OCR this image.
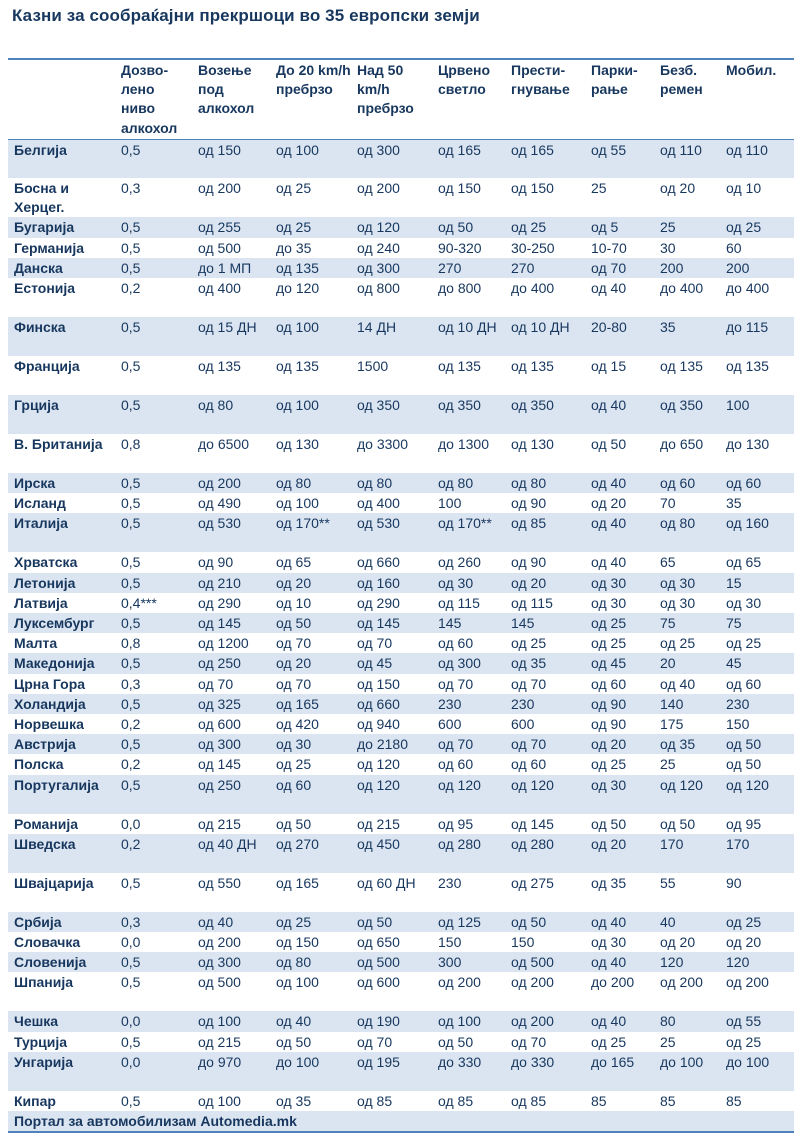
Казни за сообраќајни прекршоци во 35 европски земји
	Дозво-лено ниво алкохол	Возење под алкохол	До 20 km/h пребрзо	Над 50 km/h пребрзо	Црвено светло	Прести-гнување	Парки-рање	Безб. ремен	Мобил.
Белгија	0,5	од 150	од 100	од 300	од 165	од 165	од 55	од 110	од 110
Босна и Херцег.	0,3	од 200	од 25	од 200	од 150	од 150	25	од 20	од 10
Бугарија	0,5	од 255	од 25	од 120	од 50	од 25	од 5	25	од 25
Германија	0,5	од 500	до 35	од 240	90-320	30-250	10-70	30	60
Данска	0,5	до 1 МП	од 135	од 300	270	270	од 70	200	200
Естонија	0,2	од 400	до 120	од 800	до 800	до 400	од 40	до 400	до 400
Финска	0,5	од 15 ДН	од 100	14 ДН	од 10 ДН	од 10 ДН	20-80	35	до 115
Франција	0,5	од 135	од 135	1500	од 135	од 135	од 15	од 135	од 135
Грција	0,5	од 80	од 100	од 350	од 350	од 350	од 40	од 350	100
В. Британија	0,8	до 6500	од 130	до 3300	до 1300	од 130	од 50	до 650	до 130
Ирска	0,5	од 200	од 80	од 80	од 80	од 80	од 40	од 60	од 60
Исланд	0,5	од 490	од 100	од 400	100	од 90	од 20	70	35
Италија	0,5	од 530	од 170**	од 530	од 170**	од 85	од 40	од 80	од 160
Хрватска	0,5	од 90	од 65	од 660	од 260	од 90	од 40	65	од 65
Летонија	0,5	од 210	од 20	од 160	од 30	од 20	од 30	од 30	15
Латвија	0,4***	од 290	од 10	од 290	од 115	од 115	од 30	од 30	од 30
Луксембург	0,5	од 145	од 50	од 145	145	145	од 25	75	75
Малта	0,8	од 1200	од 70	од 70	од 60	од 25	од 25	од 25	од 25
Македонија	0,5	од 250	од 20	од 45	од 300	од 35	од 45	20	45
Црна Гора	0,3	од 70	од 70	од 150	од 70	од 70	од 60	од 40	од 60
Холандија	0,5	од 325	од 165	од 660	230	230	од 90	140	230
Норвешка	0,2	од 600	од 420	од 940	600	600	од 90	175	150
Австрија	0,5	од 300	од 30	до 2180	од 70	од 70	од 20	од 35	од 50
Полска	0,2	од 145	од 25	од 120	од 60	од 60	од 25	25	од 50
Португалија	0,5	од 250	од 60	од 120	од 120	од 120	од 30	од 120	од 120
Романија	0,0	од 215	од 50	од 215	од 95	од 145	од 50	од 50	од 95
Шведска	0,2	од 40 ДН	од 270	од 450	од 280	од 280	од 20	170	170
Швајцарија	0,5	од 550	од 165	од 60 ДН	230	од 275	од 35	55	90
Србија	0,3	од 40	од 25	од 50	од 125	од 50	од 40	40	од 25
Словачка	0,0	од 200	од 150	од 650	150	150	од 30	од 20	од 20
Словенија	0,5	од 300	од 80	од 500	300	од 500	од 40	120	120
Шпанија	0,5	од 500	од 100	од 600	од 200	од 200	до 200	од 200	од 200
Чешка	0,0	од 100	од 40	од 190	од 100	од 200	од 40	80	од 55
Турција	0,5	од 215	од 50	од 70	од 50	од 70	од 25	25	од 25
Унгарија	0,0	до 970	до 100	од 195	до 330	до 330	до 165	до 100	до 100
Кипар	0,5	од 100	од 35	од 85	од 85	од 85	85	85	85
Портал за автомобилизам Automedia.mk									
